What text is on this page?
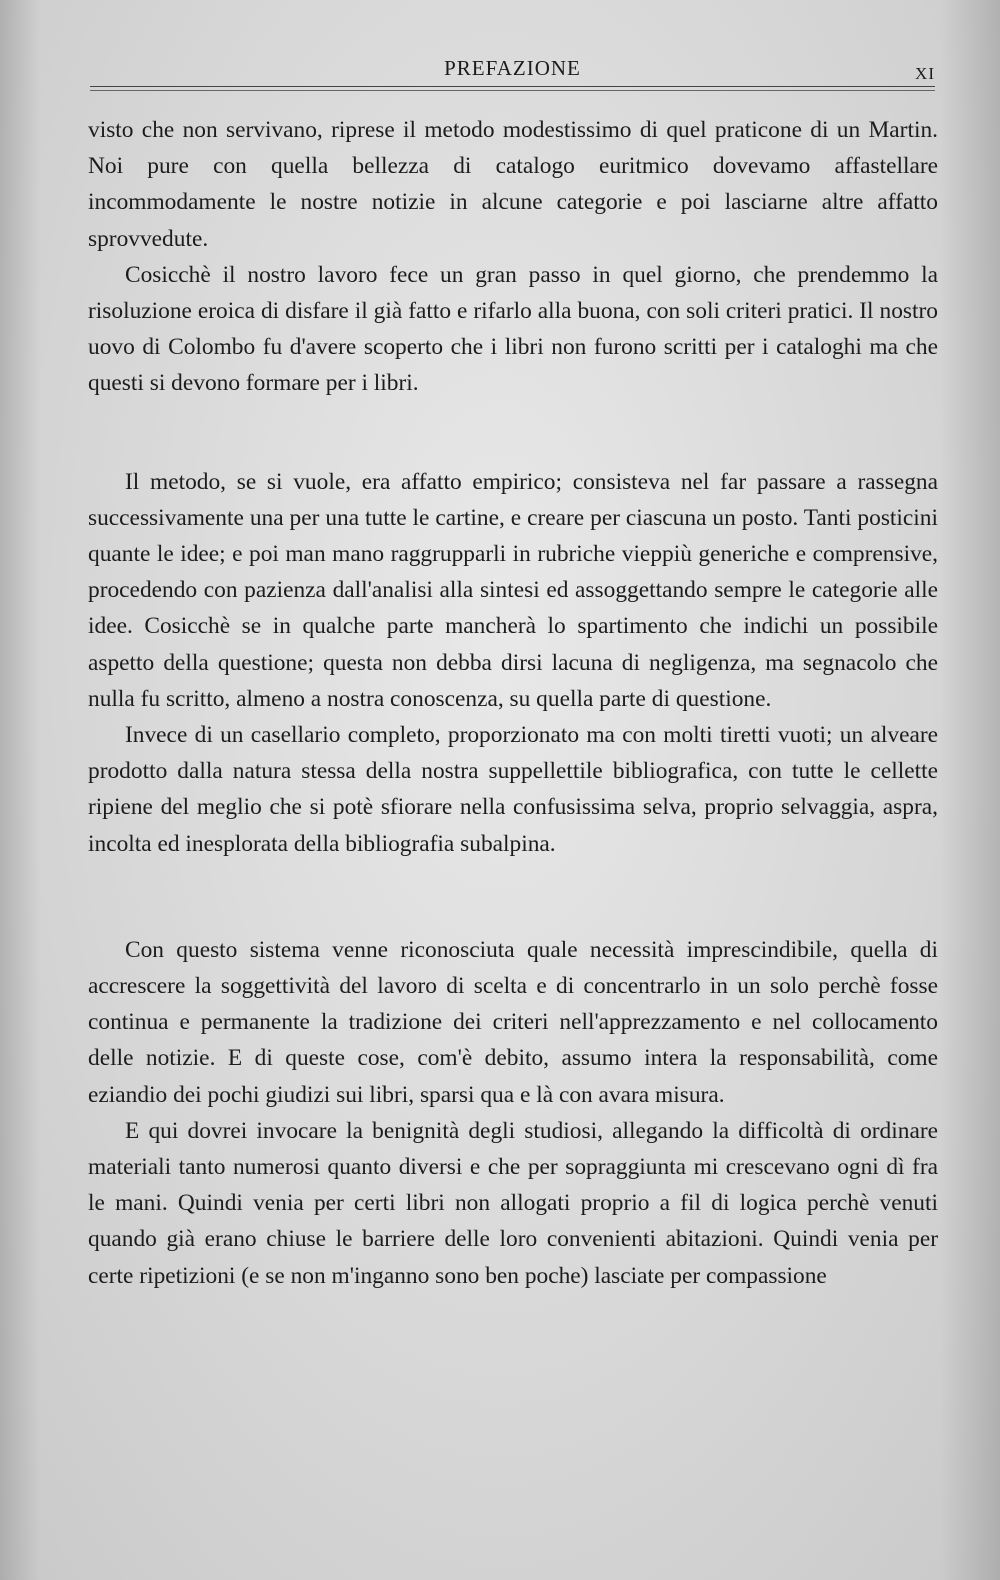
PREFAZIONE	XI

visto che non servivano, riprese il metodo modestissimo di quel praticone di un Martin. Noi pure con quella bellezza di catalogo euritmico dovevamo affastellare incommodamente le nostre notizie in alcune categorie e poi lasciarne altre affatto sprovvedute.

Cosicchè il nostro lavoro fece un gran passo in quel giorno, che prendemmo la risoluzione eroica di disfare il già fatto e rifarlo alla buona, con soli criteri pratici. Il nostro uovo di Colombo fu d'avere scoperto che i libri non furono scritti per i cataloghi ma che questi si devono formare per i libri.

Il metodo, se si vuole, era affatto empirico; consisteva nel far passare a rassegna successivamente una per una tutte le cartine, e creare per ciascuna un posto. Tanti posticini quante le idee; e poi man mano raggrupparli in rubriche vieppiù generiche e comprensive, procedendo con pazienza dall'analisi alla sintesi ed assoggettando sempre le categorie alle idee. Cosicchè se in qualche parte mancherà lo spartimento che indichi un possibile aspetto della questione; questa non debba dirsi lacuna di negligenza, ma segnacolo che nulla fu scritto, almeno a nostra conoscenza, su quella parte di questione.

Invece di un casellario completo, proporzionato ma con molti tiretti vuoti; un alveare prodotto dalla natura stessa della nostra suppellettile bibliografica, con tutte le cellette ripiene del meglio che si potè sfiorare nella confusissima selva, proprio selvaggia, aspra, incolta ed inesplorata della bibliografia subalpina.

Con questo sistema venne riconosciuta quale necessità imprescindibile, quella di accrescere la soggettività del lavoro di scelta e di concentrarlo in un solo perchè fosse continua e permanente la tradizione dei criteri nell'apprezzamento e nel collocamento delle notizie. E di queste cose, com'è debito, assumo intera la responsabilità, come eziandio dei pochi giudizi sui libri, sparsi qua e là con avara misura.

E qui dovrei invocare la benignità degli studiosi, allegando la difficoltà di ordinare materiali tanto numerosi quanto diversi e che per sopraggiunta mi crescevano ogni dì fra le mani. Quindi venia per certi libri non allogati proprio a fil di logica perchè venuti quando già erano chiuse le barriere delle loro convenienti abitazioni. Quindi venia per certe ripetizioni (e se non m'inganno sono ben poche) lasciate per compassione
